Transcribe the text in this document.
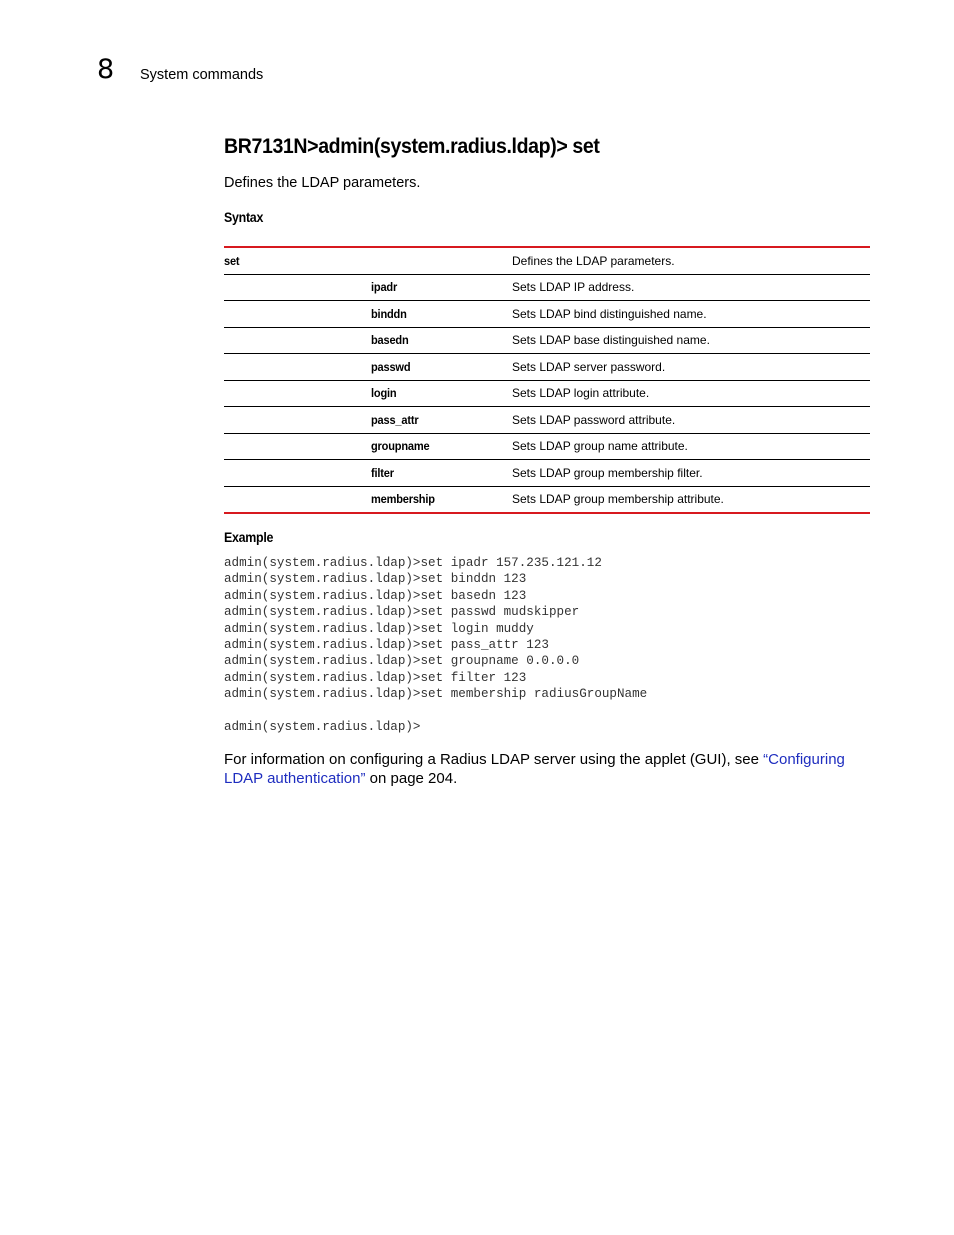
8 System commands
BR7131N>admin(system.radius.ldap)> set
Defines the LDAP parameters.
Syntax
set		Defines the LDAP parameters.
	ipadr	Sets LDAP IP address.
	binddn	Sets LDAP bind distinguished name.
	basedn	Sets LDAP base distinguished name.
	passwd	Sets LDAP server password.
	login	Sets LDAP login attribute.
	pass_attr	Sets LDAP password attribute.
	groupname	Sets LDAP group name attribute.
	filter	Sets LDAP group membership filter.
	membership	Sets LDAP group membership attribute.
Example
admin(system.radius.ldap)>set ipadr 157.235.121.12
admin(system.radius.ldap)>set binddn 123
admin(system.radius.ldap)>set basedn 123
admin(system.radius.ldap)>set passwd mudskipper
admin(system.radius.ldap)>set login muddy
admin(system.radius.ldap)>set pass_attr 123
admin(system.radius.ldap)>set groupname 0.0.0.0
admin(system.radius.ldap)>set filter 123
admin(system.radius.ldap)>set membership radiusGroupName
admin(system.radius.ldap)>

For information on configuring a Radius LDAP server using the applet (GUI), see “Configuring LDAP authentication” on page 204.
